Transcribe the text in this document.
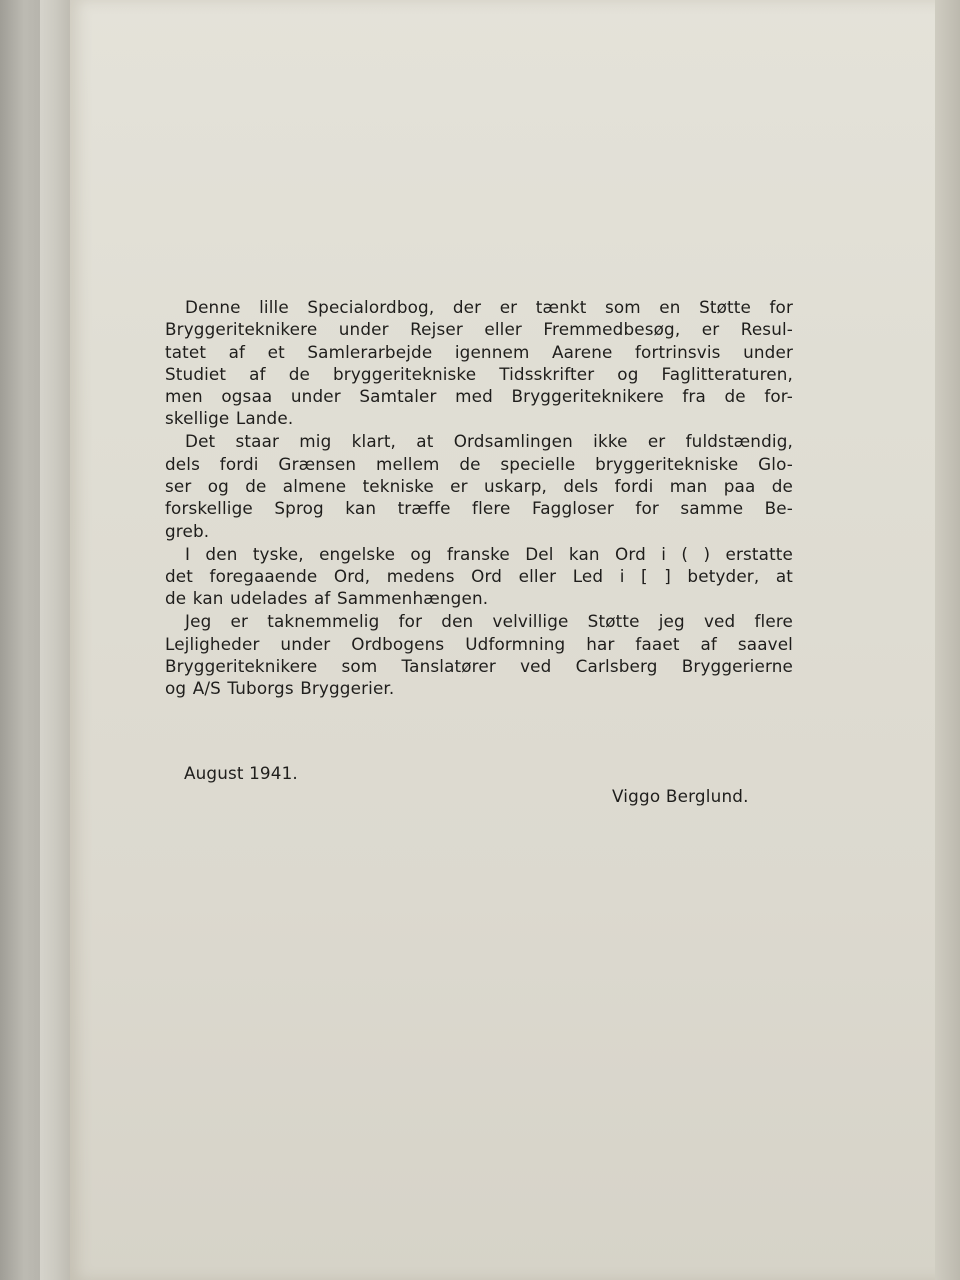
Denne lille Specialordbog, der er tænkt som en Støtte for
Bryggeriteknikere under Rejser eller Fremmedbesøg, er Resul-
tatet af et Samlerarbejde igennem Aarene fortrinsvis under
Studiet af de bryggeritekniske Tidsskrifter og Faglitteraturen,
men ogsaa under Samtaler med Bryggeriteknikere fra de for-
skellige Lande.
Det staar mig klart, at Ordsamlingen ikke er fuldstændig,
dels fordi Grænsen mellem de specielle bryggeritekniske Glo-
ser og de almene tekniske er uskarp, dels fordi man paa de
forskellige Sprog kan træffe flere Faggloser for samme Be-
greb.
I den tyske, engelske og franske Del kan Ord i ( ) erstatte
det foregaaende Ord, medens Ord eller Led i [ ] betyder, at
de kan udelades af Sammenhængen.
Jeg er taknemmelig for den velvillige Støtte jeg ved flere
Lejligheder under Ordbogens Udformning har faaet af saavel
Bryggeriteknikere som Tanslatører ved Carlsberg Bryggerierne
og A/S Tuborgs Bryggerier.
August 1941.
Viggo Berglund.
